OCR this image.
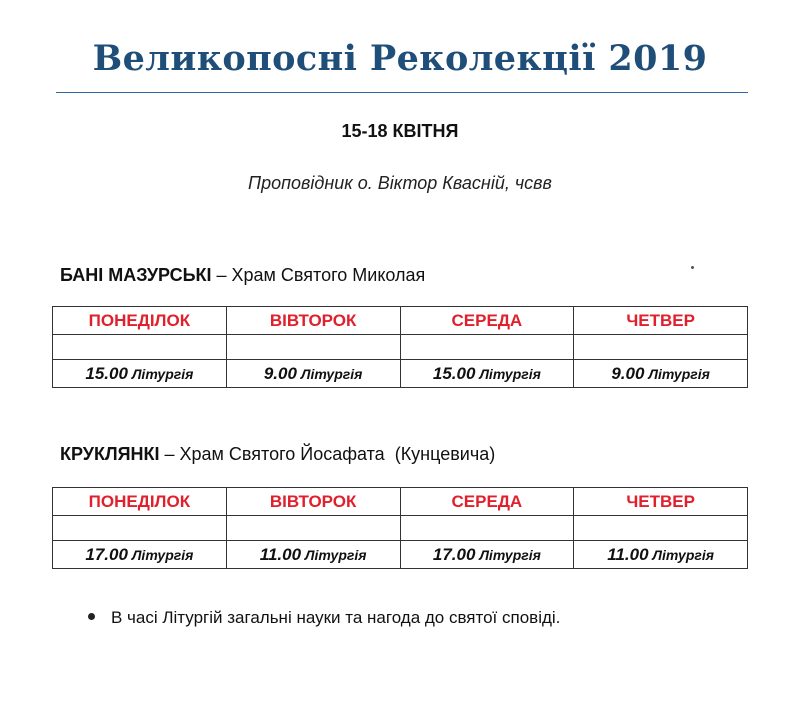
Великопосні Реколекції 2019
15-18 КВІТНЯ
Проповідник о. Віктор Квасній, чсвв
БАНІ МАЗУРСЬКІ – Храм Святого Миколая
ПОНЕДІЛОК	ВІВТОРОК	СЕРЕДА	ЧЕТВЕР

15.00 Літургія	9.00 Літургія	15.00 Літургія	9.00 Літургія
КРУКЛЯНКІ – Храм Святого Йосафата  (Кунцевича)
ПОНЕДІЛОК	ВІВТОРОК	СЕРЕДА	ЧЕТВЕР

17.00 Літургія	11.00 Літургія	17.00 Літургія	11.00 Літургія
В часі Літургій загальні науки та нагода до святої сповіді.
